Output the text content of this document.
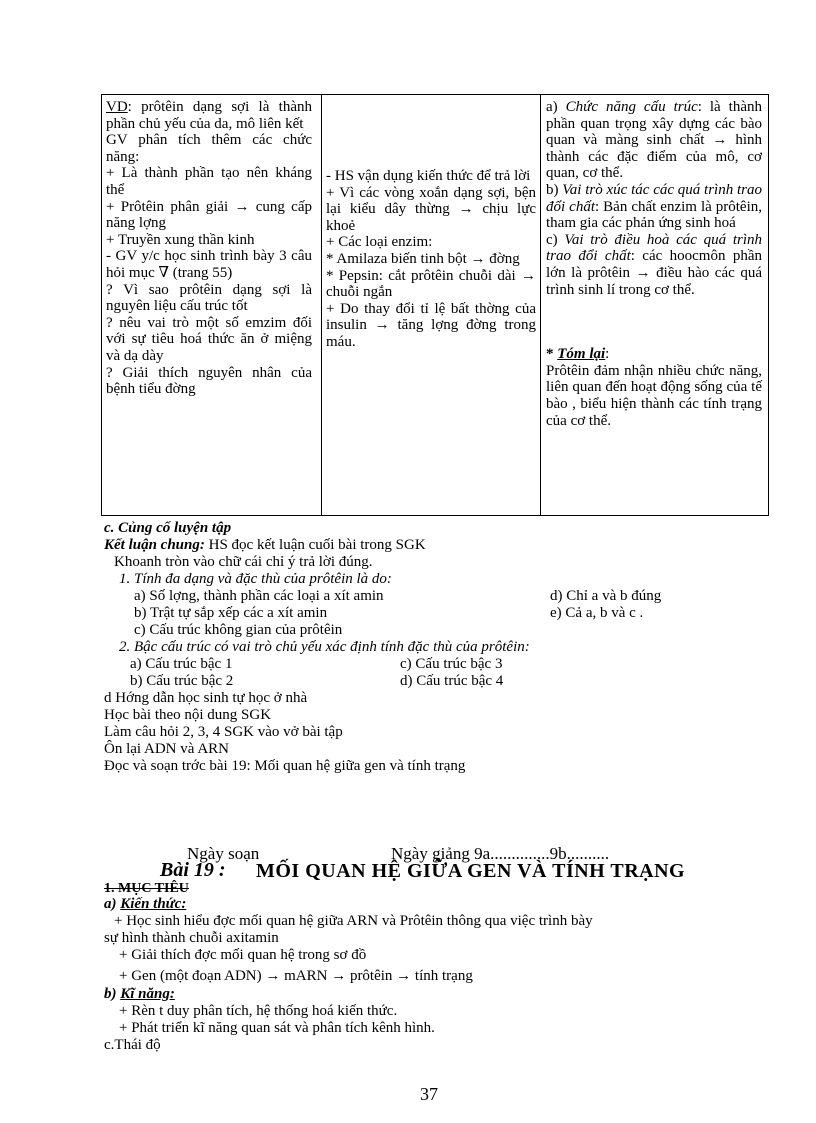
VD: prôtêin dạng sợi là thành phần chủ yếu của da, mô liên kết
GV phân tích thêm các chức năng:
+ Là thành phần tạo nên kháng thể
+ Prôtêin phân giải → cung cấp năng lợng
+ Truyền xung thần kinh
- GV y/c học sinh trình bày 3 câu hỏi mục ∇ (trang 55)
? Vì sao prôtêin dạng sợi là nguyên liệu cấu trúc tốt
? nêu vai trò một số emzim đối với sự tiêu hoá thức ăn ở miệng và dạ dày
? Giải thích nguyên nhân của bệnh tiểu đờng
- HS vận dụng kiến thức để trả lời
+ Vì các vòng xoắn dạng sợi, bện lại kiểu dây thừng → chịu lực khoẻ
+ Các loại enzim:
* Amilaza biến tinh bột → đờng
* Pepsin: cắt prôtêin chuỗi dài → chuỗi ngắn
+ Do thay đổi tỉ lệ bất thờng của insulin → tăng lợng đờng trong máu.
a) Chức năng cấu trúc: là thành phần quan trọng xây dựng các bào quan và màng sinh chất → hình thành các đặc điểm của mô, cơ quan, cơ thể.
b) Vai trò xúc tác các quá trình trao đổi chất: Bản chất enzim là prôtêin, tham gia các phản ứng sinh hoá
c) Vai trò điều hoà các quá trình trao đổi chất: các hoocmôn phần lớn là prôtêin → điều hào các quá trình sinh lí trong cơ thể.
* Tóm lại:
Prôtêin đảm nhận nhiều chức năng, liên quan đến hoạt động sống của tế bào , biểu hiện thành các tính trạng của cơ thể.
c. Củng cố luyện tập
Kết luận chung: HS đọc kết luận cuối bài trong SGK
Khoanh tròn vào chữ cái chỉ ý trả lời đúng.
1. Tính đa dạng và đặc thù của prôtêin là do:
a) Số lợng, thành phần các loại a xít amin
b) Trật tự sắp xếp các a xít amin
c) Cấu trúc không gian của prôtêin
d) Chỉ a và b đúng
e) Cả a, b và c .
2. Bậc cấu trúc có vai trò chủ yếu xác định tính đặc thù của prôtêin:
a) Cấu trúc bậc 1
b) Cấu trúc bậc 2
c) Cấu trúc bậc 3
d) Cấu trúc bậc 4
d Hớng dẫn học sinh tự học ở nhà
Học bài theo nội dung SGK
Làm câu hỏi 2, 3, 4 SGK vào vở bài tập
Ôn lại ADN và ARN
Đọc và soạn trớc bài 19: Mối quan hệ giữa gen và tính trạng
Ngày soạn	Ngày giảng 9a..............9b..........
Bài 19 : MỐI QUAN HỆ GIỮA GEN VÀ TÍNH TRẠNG
1. MỤC TIÊU
a) Kiến thức:
+ Học sinh hiểu đợc mối quan hệ giữa ARN và Prôtêin thông qua việc trình bày
sự hình thành chuỗi axitamin
+ Giải thích đợc mối quan hệ trong sơ đồ
+ Gen (một đoạn ADN) → mARN → prôtêin → tính trạng
b) Kĩ năng:
+ Rèn t duy phân tích, hệ thống hoá kiến thức.
+ Phát triển kĩ năng quan sát và phân tích kênh hình.
c.Thái độ
37
